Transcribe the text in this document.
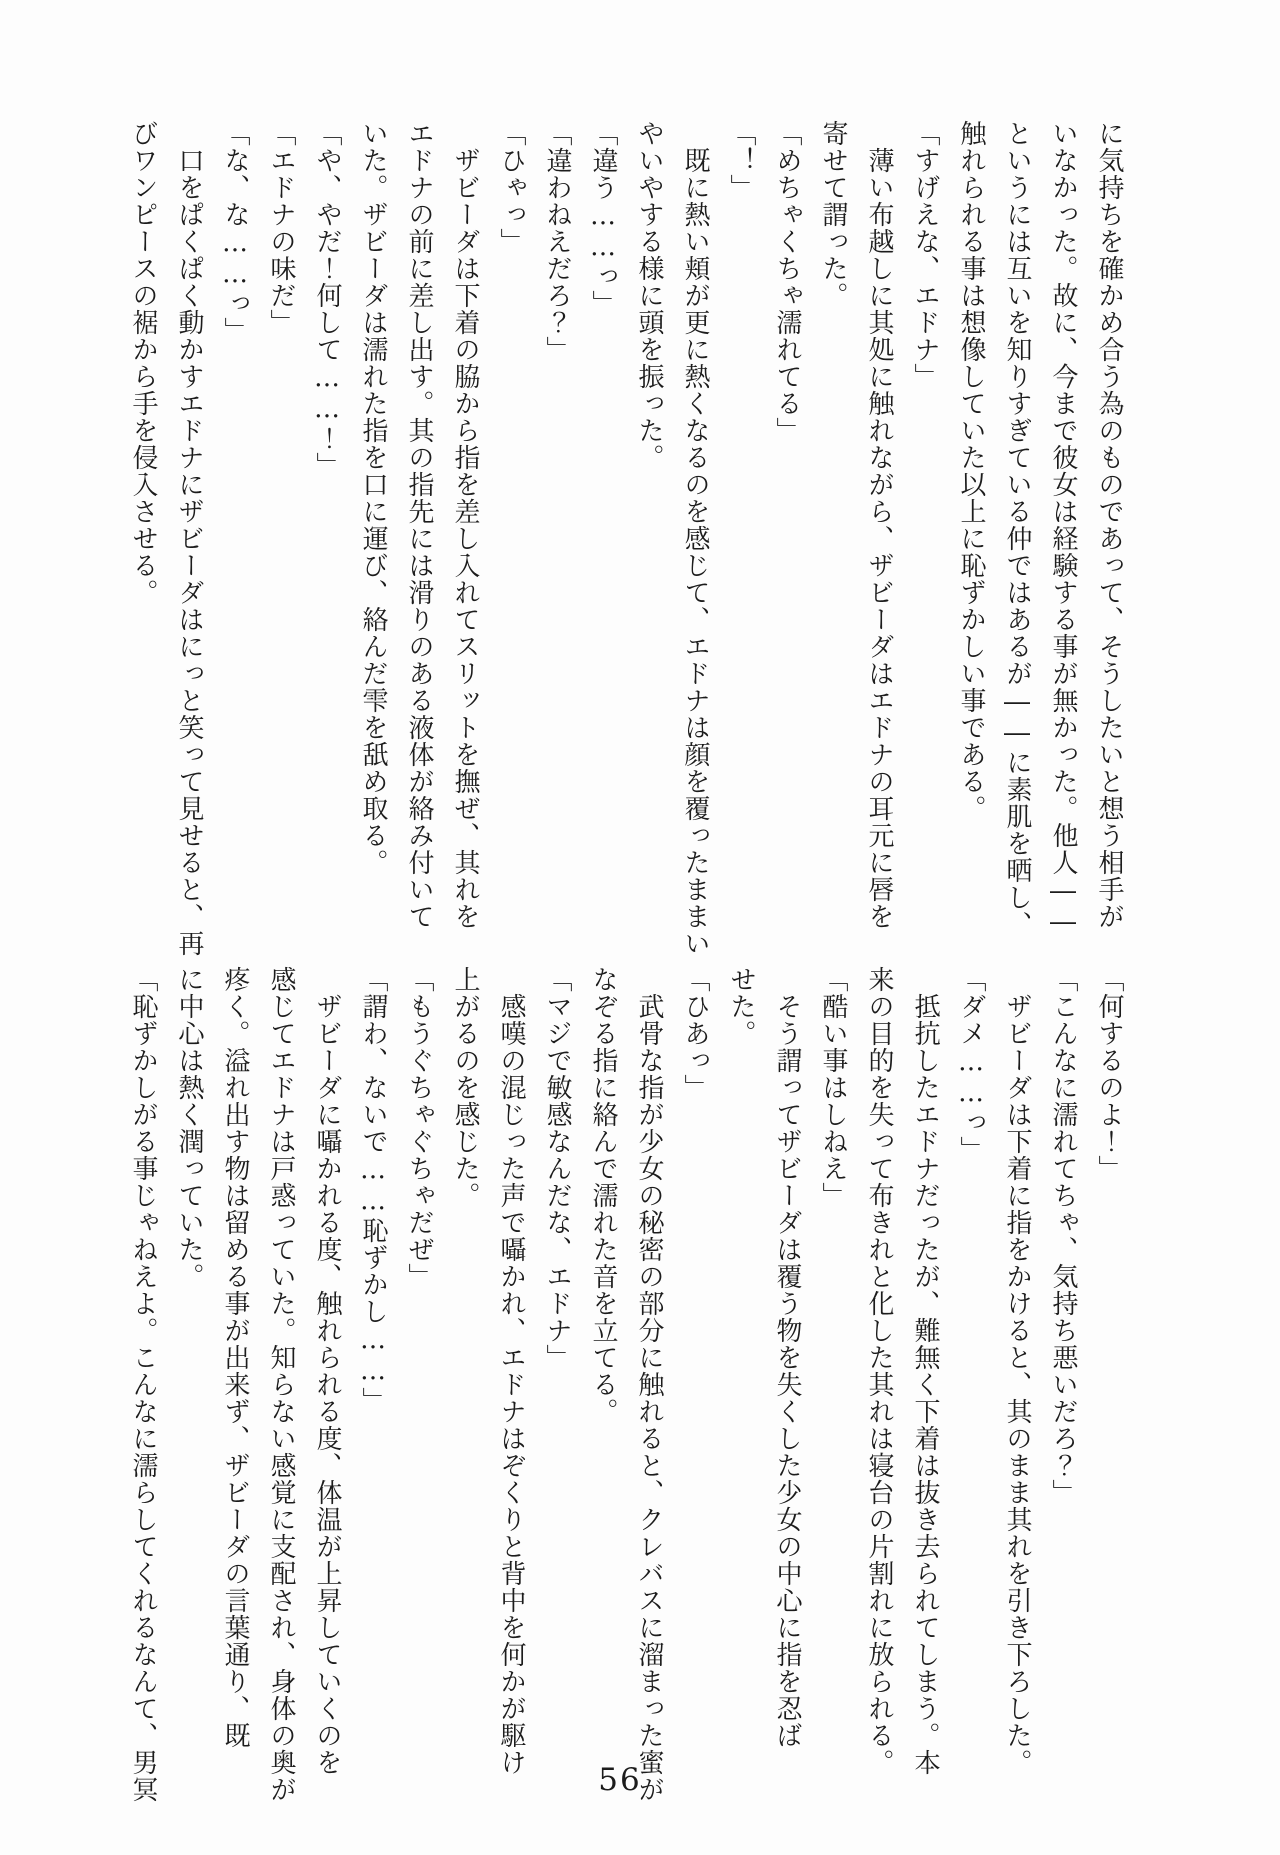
に気持ちを確かめ合う為のものであって、そうしたいと想う相手が
いなかった。故に、今まで彼女は経験する事が無かった。他人――
というには互いを知りすぎている仲ではあるが――に素肌を晒し、
触れられる事は想像していた以上に恥ずかしい事である。
「すげえな、エドナ」
　薄い布越しに其処に触れながら、ザビーダはエドナの耳元に唇を
寄せて謂った。
「めちゃくちゃ濡れてる」
「！」
　既に熱い頬が更に熱くなるのを感じて、エドナは顔を覆ったままい
やいやする様に頭を振った。
「違う……っ」
「違わねえだろ？」
「ひゃっ」
　ザビーダは下着の脇から指を差し入れてスリットを撫ぜ、其れを
エドナの前に差し出す。其の指先には滑りのある液体が絡み付いて
いた。ザビーダは濡れた指を口に運び、絡んだ雫を舐め取る。
「や、やだ！何して……！」
「エドナの味だ」
「な、な……っ」
　口をぱくぱく動かすエドナにザビーダはにっと笑って見せると、再
びワンピースの裾から手を侵入させる。
「何するのよ！」
「こんなに濡れてちゃ、気持ち悪いだろ？」
　ザビーダは下着に指をかけると、其のまま其れを引き下ろした。
「ダメ……っ」
　抵抗したエドナだったが、難無く下着は抜き去られてしまう。本
来の目的を失って布きれと化した其れは寝台の片割れに放られる。
「酷い事はしねえ」
　そう謂ってザビーダは覆う物を失くした少女の中心に指を忍ば
せた。
「ひあっ」
　武骨な指が少女の秘密の部分に触れると、クレバスに溜まった蜜が
なぞる指に絡んで濡れた音を立てる。
「マジで敏感なんだな、エドナ」
　感嘆の混じった声で囁かれ、エドナはぞくりと背中を何かが駆け
上がるのを感じた。
「もうぐちゃぐちゃだぜ」
「謂わ、ないで……恥ずかし……」
　ザビーダに囁かれる度、触れられる度、体温が上昇していくのを
感じてエドナは戸惑っていた。知らない感覚に支配され、身体の奥が
疼く。溢れ出す物は留める事が出来ず、ザビーダの言葉通り、既
に中心は熱く潤っていた。
「恥ずかしがる事じゃねえよ。こんなに濡らしてくれるなんて、男冥	56
